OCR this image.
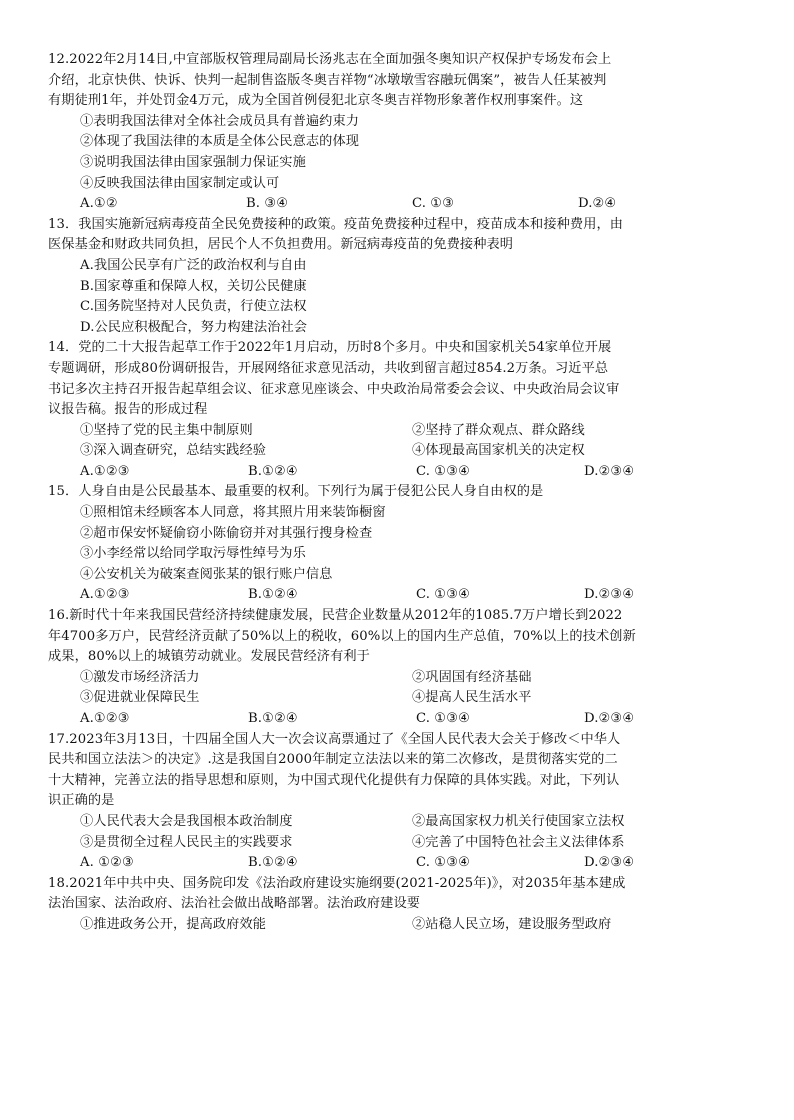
12.2022年2月14日,中宣部版权管理局副局长汤兆志在全面加强冬奥知识产权保护专场发布会上
介绍，北京快供、快诉、快判一起制售盗版冬奥吉祥物“冰墩墩雪容融玩偶案”，被告人任某被判
有期徒刑1年，并处罚金4万元，成为全国首例侵犯北京冬奥吉祥物形象著作权刑事案件。这
①表明我国法律对全体社会成员具有普遍约束力
②体现了我国法律的本质是全体公民意志的体现
③说明我国法律由国家强制力保证实施
④反映我国法律由国家制定或认可
A.①②	B. ③④	C. ①③	D.②④
13．我国实施新冠病毒疫苗全民免费接种的政策。疫苗免费接种过程中，疫苗成本和接种费用，由
医保基金和财政共同负担，居民个人不负担费用。新冠病毒疫苗的免费接种表明
A.我国公民享有广泛的政治权利与自由
B.国家尊重和保障人权，关切公民健康
C.国务院坚持对人民负责，行使立法权
D.公民应积极配合，努力构建法治社会
14．党的二十大报告起草工作于2022年1月启动，历时8个多月。中央和国家机关54家单位开展
专题调研，形成80份调研报告，开展网络征求意见活动，共收到留言超过854.2万条。习近平总
书记多次主持召开报告起草组会议、征求意见座谈会、中央政治局常委会会议、中央政治局会议审
议报告稿。报告的形成过程
①坚持了党的民主集中制原则	②坚持了群众观点、群众路线
③深入调查研究，总结实践经验	④体现最高国家机关的决定权
A.①②③	B.①②④	C. ①③④	D.②③④
15．人身自由是公民最基本、最重要的权利。下列行为属于侵犯公民人身自由权的是
①照相馆未经顾客本人同意，将其照片用来装饰橱窗
②超市保安怀疑偷窃小陈偷窃并对其强行搜身检查
③小李经常以给同学取污辱性绰号为乐
④公安机关为破案查阅张某的银行账户信息
A.①②③	B.①②④	C. ①③④	D.②③④
16.新时代十年来我国民营经济持续健康发展，民营企业数量从2012年的1085.7万户增长到2022
年4700多万户，民营经济贡献了50%以上的税收，60%以上的国内生产总值，70%以上的技术创新
成果，80%以上的城镇劳动就业。发展民营经济有利于
①激发市场经济活力	②巩固国有经济基础
③促进就业保障民生	④提高人民生活水平
A.①②③	B.①②④	C. ①③④	D.②③④
17.2023年3月13日，十四届全国人大一次会议高票通过了《全国人民代表大会关于修改＜中华人
民共和国立法法＞的决定》.这是我国自2000年制定立法法以来的第二次修改，是贯彻落实党的二
十大精神，完善立法的指导思想和原则，为中国式现代化提供有力保障的具体实践。对此，下列认
识正确的是
①人民代表大会是我国根本政治制度	②最高国家权力机关行使国家立法权
③是贯彻全过程人民民主的实践要求	④完善了中国特色社会主义法律体系
A. ①②③	B.①②④	C. ①③④	D.②③④
18.2021年中共中央、国务院印发《法治政府建设实施纲要(2021-2025年)》，对2035年基本建成
法治国家、法治政府、法治社会做出战略部署。法治政府建设要
①推进政务公开，提高政府效能	②站稳人民立场，建设服务型政府
